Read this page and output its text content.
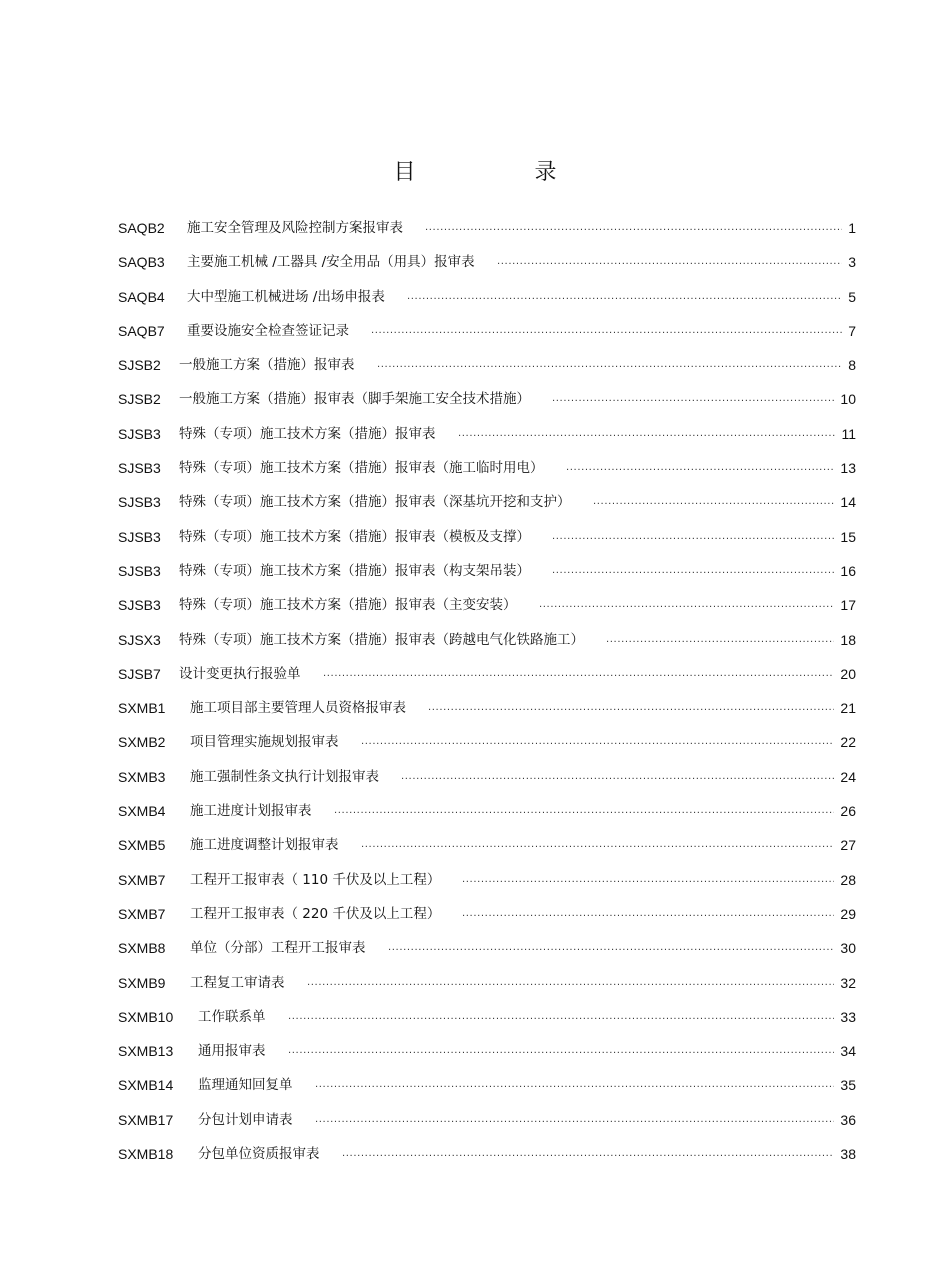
目 录
SAQB2 施工安全管理及风险控制方案报审表 .....	1
SAQB3 主要施工机械 /工器具 /安全用品（用具）报审表 .....	3
SAQB4 大中型施工机械进场 /出场申报表 .....	5
SAQB7 重要设施安全检查签证记录 .....	7
SJSB2 一般施工方案（措施）报审表 .....	8
SJSB2 一般施工方案（措施）报审表（脚手架施工安全技术措施） .....	10
SJSB3 特殊（专项）施工技术方案（措施）报审表 .....	11
SJSB3 特殊（专项）施工技术方案（措施）报审表（施工临时用电） .....	13
SJSB3 特殊（专项）施工技术方案（措施）报审表（深基坑开挖和支护） .....	14
SJSB3 特殊（专项）施工技术方案（措施）报审表（模板及支撑） .....	15
SJSB3 特殊（专项）施工技术方案（措施）报审表（构支架吊装） .....	16
SJSB3 特殊（专项）施工技术方案（措施）报审表（主变安装） .....	17
SJSX3 特殊（专项）施工技术方案（措施）报审表（跨越电气化铁路施工） .....	18
SJSB7 设计变更执行报验单 .....	20
SXMB1 施工项目部主要管理人员资格报审表 .....	21
SXMB2 项目管理实施规划报审表 .....	22
SXMB3 施工强制性条文执行计划报审表 .....	24
SXMB4 施工进度计划报审表 .....	26
SXMB5 施工进度调整计划报审表 .....	27
SXMB7 工程开工报审表（ 110 千伏及以上工程） .....	28
SXMB7 工程开工报审表（ 220 千伏及以上工程） .....	29
SXMB8 单位（分部）工程开工报审表 .....	30
SXMB9 工程复工审请表 .....	32
SXMB10 工作联系单 .....	33
SXMB13 通用报审表 .....	34
SXMB14 监理通知回复单 .....	35
SXMB17 分包计划申请表 .....	36
SXMB18 分包单位资质报审表 .....	38
